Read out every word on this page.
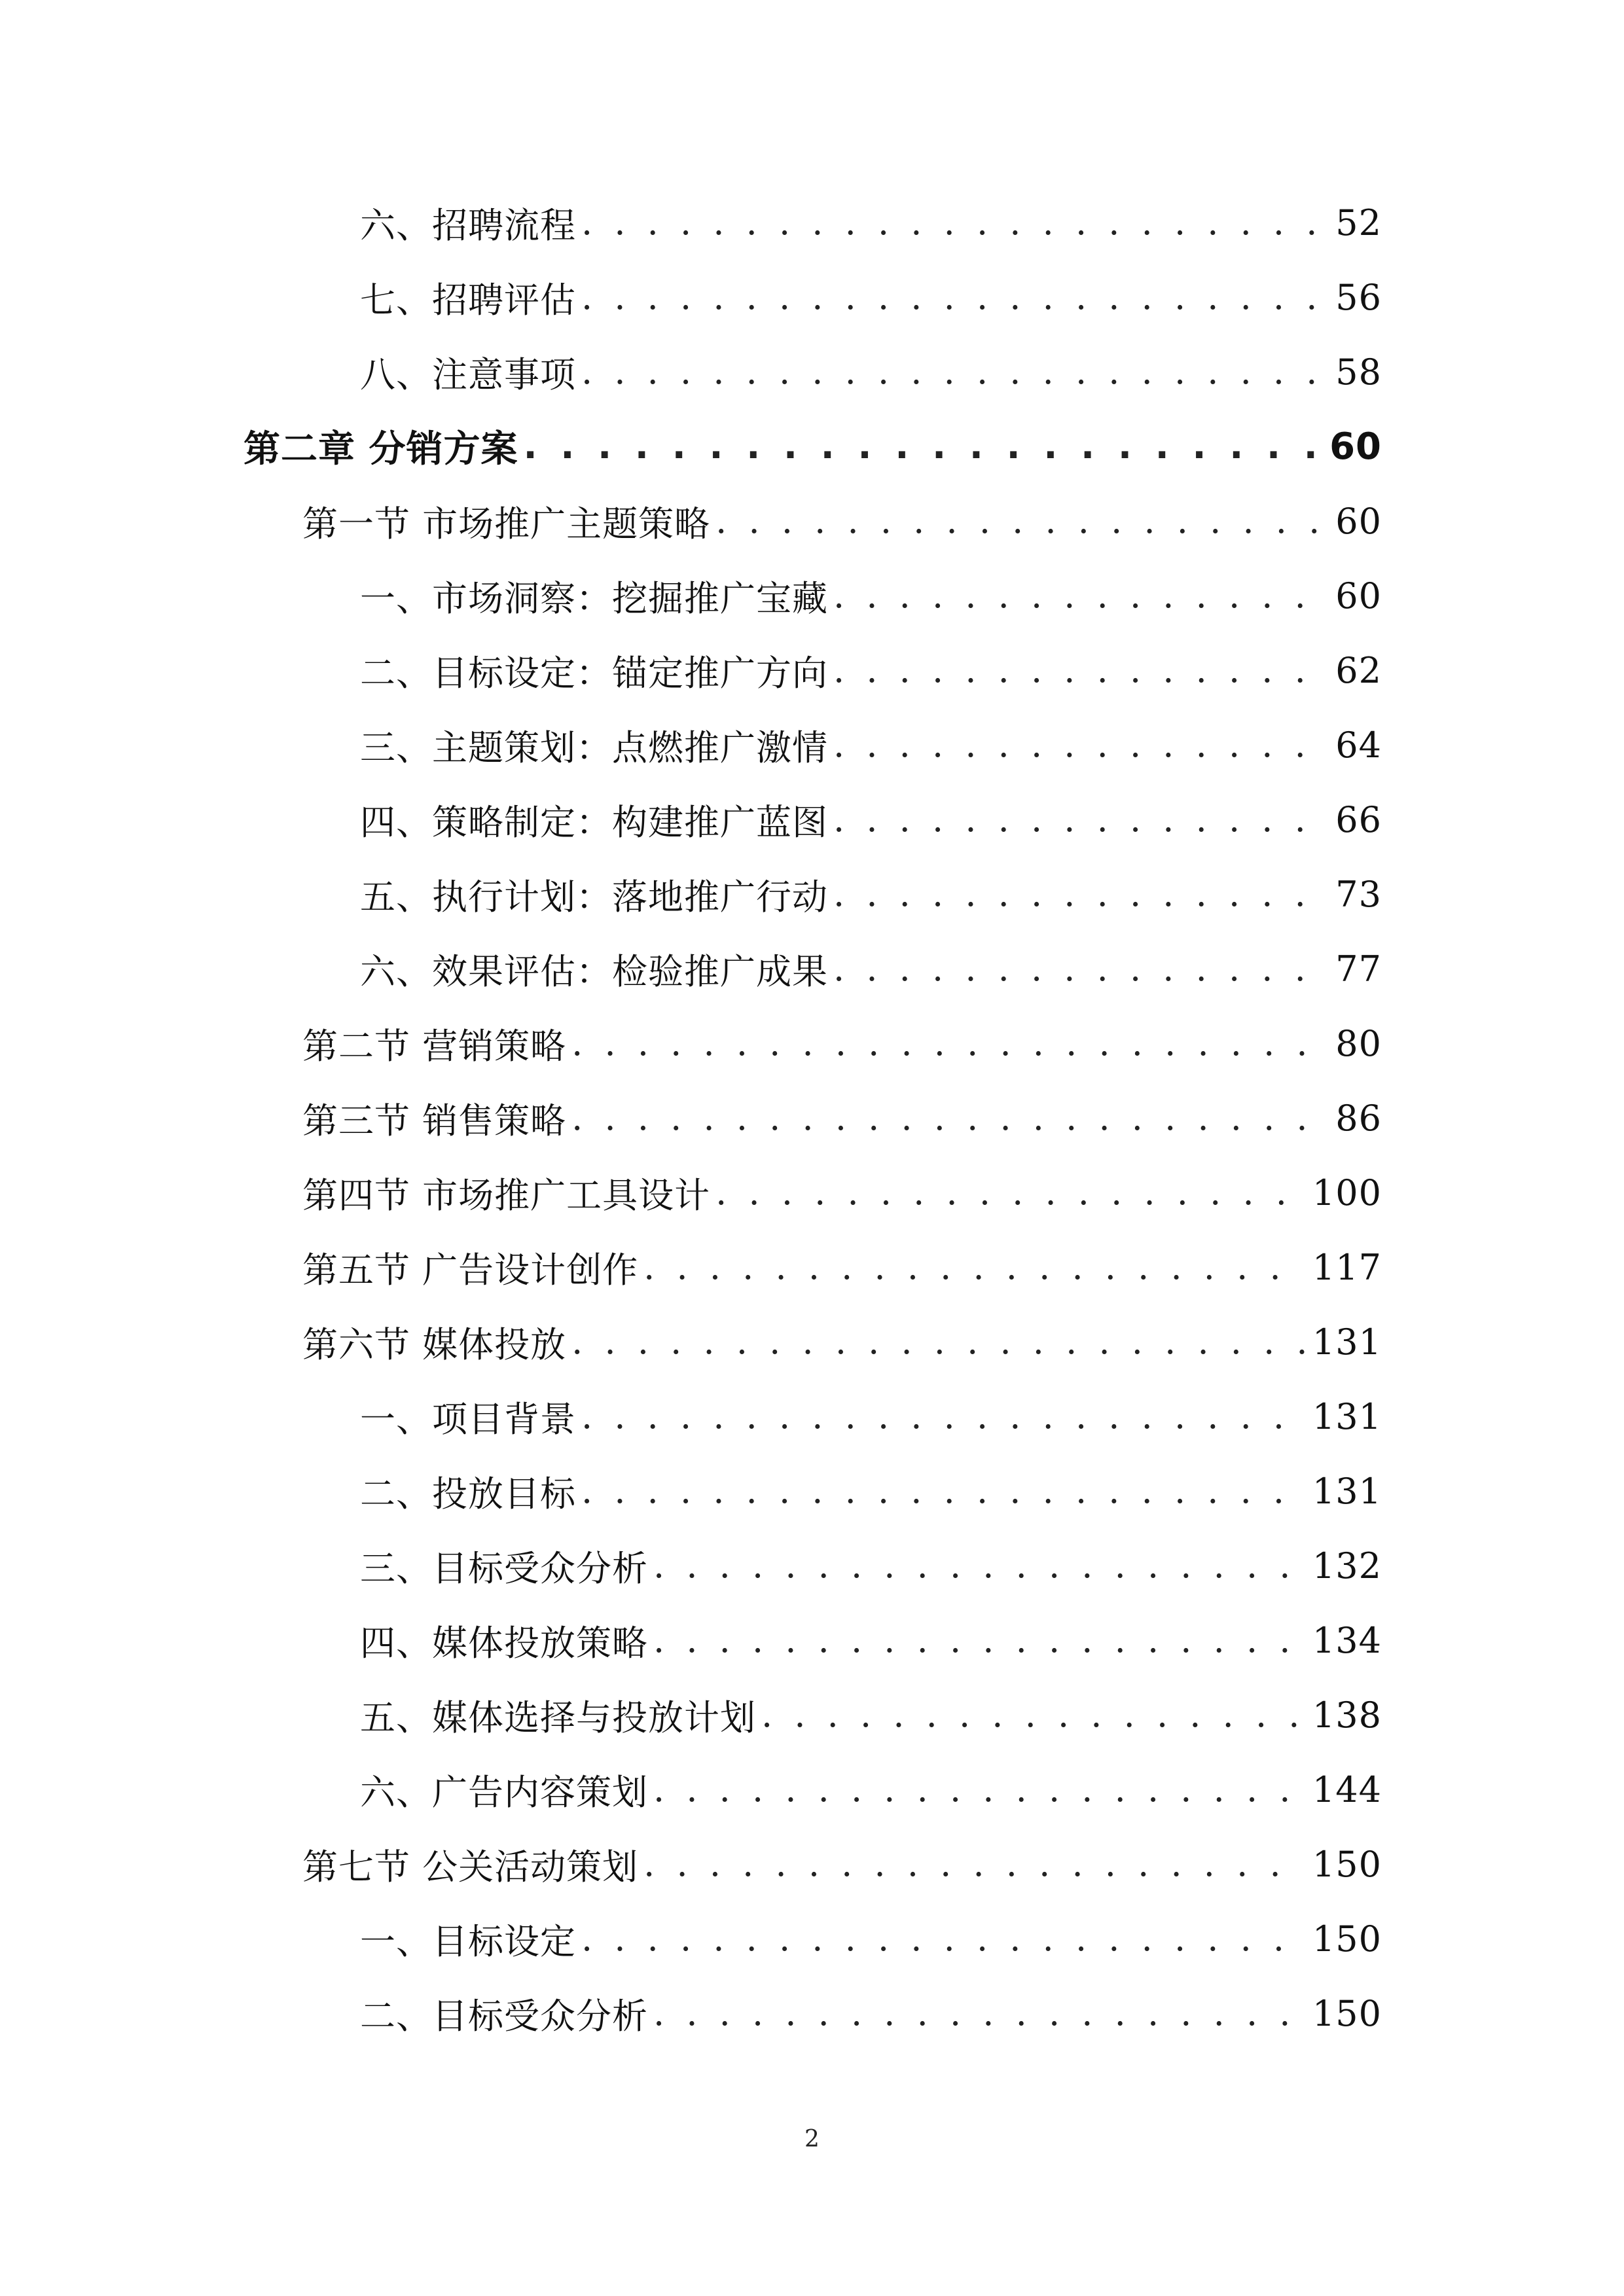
六、招聘流程 . . .	52
七、招聘评估 . . .	56
八、注意事项 . . .	58
第二章 分销方案 . . .	60
第一节 市场推广主题策略 . . .	60
一、市场洞察：挖掘推广宝藏 . . .	60
二、目标设定：锚定推广方向 . . .	62
三、主题策划：点燃推广激情 . . .	64
四、策略制定：构建推广蓝图 . . .	66
五、执行计划：落地推广行动 . . .	73
六、效果评估：检验推广成果 . . .	77
第二节 营销策略 . . .	80
第三节 销售策略 . . .	86
第四节 市场推广工具设计 . . .	100
第五节 广告设计创作 . . .	117
第六节 媒体投放 . . .	131
一、项目背景 . . .	131
二、投放目标 . . .	131
三、目标受众分析 . . .	132
四、媒体投放策略 . . .	134
五、媒体选择与投放计划 . . .	138
六、广告内容策划 . . .	144
第七节 公关活动策划 . . .	150
一、目标设定 . . .	150
二、目标受众分析 . . .	150
2
